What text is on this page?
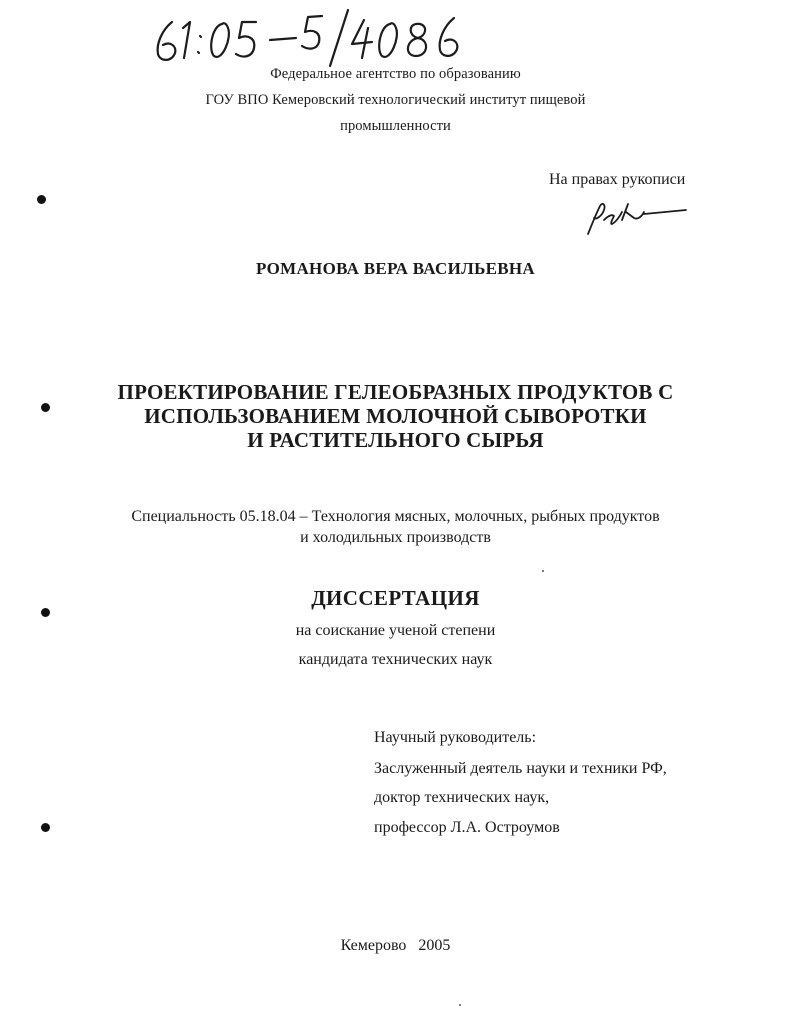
Федеральное агентство по образованию
ГОУ ВПО Кемеровский технологический институт пищевой
промышленности
На правах рукописи
РОМАНОВА ВЕРА ВАСИЛЬЕВНА
ПРОЕКТИРОВАНИЕ ГЕЛЕОБРАЗНЫХ ПРОДУКТОВ С
ИСПОЛЬЗОВАНИЕМ МОЛОЧНОЙ СЫВОРОТКИ
И РАСТИТЕЛЬНОГО СЫРЬЯ
Специальность 05.18.04 – Технология мясных, молочных, рыбных продуктов
и холодильных производств
ДИССЕРТАЦИЯ
на соискание ученой степени
кандидата технических наук
Научный руководитель:
Заслуженный деятель науки и техники РФ,
доктор технических наук,
профессор Л.А. Остроумов
Кемерово   2005
